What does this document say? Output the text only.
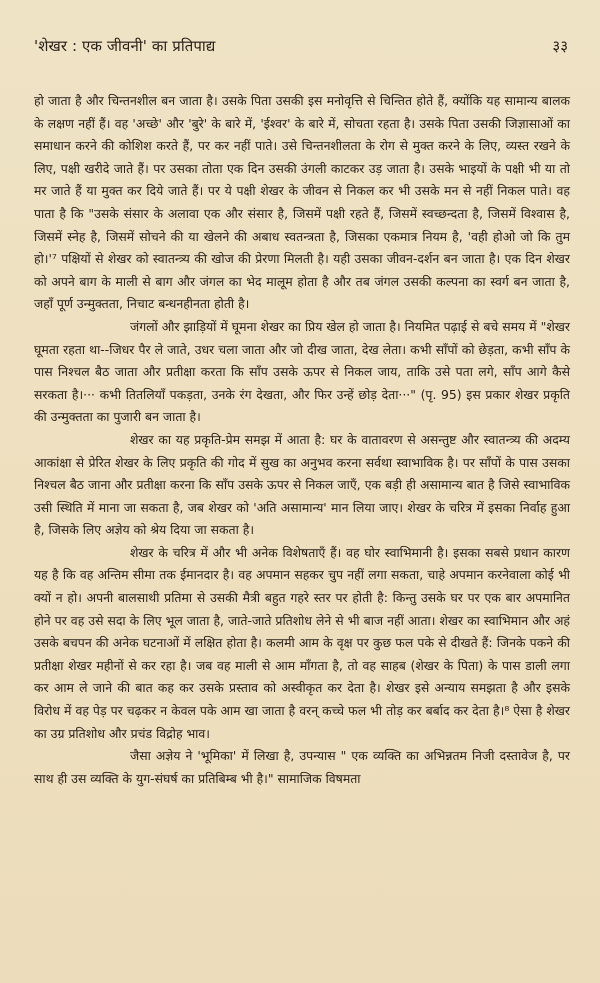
'शेखर : एक जीवनी' का प्रतिपाद्य	३३

हो जाता है और चिन्तनशील बन जाता है। उसके पिता उसकी इस मनोवृत्ति से चिन्तित होते हैं, क्योंकि यह सामान्य बालक के लक्षण नहीं हैं। वह 'अच्छे' और 'बुरे' के बारे में, 'ईश्वर' के बारे में, सोचता रहता है। उसके पिता उसकी जिज्ञासाओं का समाधान करने की कोशिश करते हैं, पर कर नहीं पाते। उसे चिन्तनशीलता के रोग से मुक्त करने के लिए, व्यस्त रखने के लिए, पक्षी खरीदे जाते हैं। पर उसका तोता एक दिन उसकी उंगली काटकर उड़ जाता है। उसके भाइयों के पक्षी भी या तो मर जाते हैं या मुक्त कर दिये जाते हैं। पर ये पक्षी शेखर के जीवन से निकल कर भी उसके मन से नहीं निकल पाते। वह पाता है कि "उसके संसार के अलावा एक और संसार है, जिसमें पक्षी रहते हैं, जिसमें स्वच्छन्दता है, जिसमें विश्वास है, जिसमें स्नेह है, जिसमें सोचने की या खेलने की अबाध स्वतन्त्रता है, जिसका एकमात्र नियम है, 'वही होओ जो कि तुम हो।'⁷ पक्षियों से शेखर को स्वातन्त्र्य की खोज की प्रेरणा मिलती है। यही उसका जीवन-दर्शन बन जाता है। एक दिन शेखर को अपने बाग के माली से बाग और जंगल का भेद मालूम होता है और तब जंगल उसकी कल्पना का स्वर्ग बन जाता है, जहाँ पूर्ण उन्मुक्तता, निचाट बन्धनहीनता होती है।

जंगलों और झाड़ियों में घूमना शेखर का प्रिय खेल हो जाता है। नियमित पढ़ाई से बचे समय में "शेखर घूमता रहता था--जिधर पैर ले जाते, उधर चला जाता और जो दीख जाता, देख लेता। कभी साँपों को छेड़ता, कभी साँप के पास निश्चल बैठ जाता और प्रतीक्षा करता कि साँप उसके ऊपर से निकल जाय, ताकि उसे पता लगे, साँप आगे कैसे सरकता है।··· कभी तितलियाँ पकड़ता, उनके रंग देखता, और फिर उन्हें छोड़ देता···" (पृ. 95) इस प्रकार शेखर प्रकृति की उन्मुक्तता का पुजारी बन जाता है।

शेखर का यह प्रकृति-प्रेम समझ में आता है: घर के वातावरण से असन्तुष्ट और स्वातन्त्र्य की अदम्य आकांक्षा से प्रेरित शेखर के लिए प्रकृति की गोद में सुख का अनुभव करना सर्वथा स्वाभाविक है। पर साँपों के पास उसका निश्चल बैठ जाना और प्रतीक्षा करना कि साँप उसके ऊपर से निकल जाएँ, एक बड़ी ही असामान्य बात है जिसे स्वाभाविक उसी स्थिति में माना जा सकता है, जब शेखर को 'अति असामान्य' मान लिया जाए। शेखर के चरित्र में इसका निर्वाह हुआ है, जिसके लिए अज्ञेय को श्रेय दिया जा सकता है।

शेखर के चरित्र में और भी अनेक विशेषताएँ हैं। वह घोर स्वाभिमानी है। इसका सबसे प्रधान कारण यह है कि वह अन्तिम सीमा तक ईमानदार है। वह अपमान सहकर चुप नहीं लगा सकता, चाहे अपमान करनेवाला कोई भी क्यों न हो। अपनी बालसाथी प्रतिमा से उसकी मैत्री बहुत गहरे स्तर पर होती है: किन्तु उसके घर पर एक बार अपमानित होने पर वह उसे सदा के लिए भूल जाता है, जाते-जाते प्रतिशोध लेने से भी बाज नहीं आता। शेखर का स्वाभिमान और अहं उसके बचपन की अनेक घटनाओं में लक्षित होता है। कलमी आम के वृक्ष पर कुछ फल पके से दीखते हैं: जिनके पकने की प्रतीक्षा शेखर महीनों से कर रहा है। जब वह माली से आम माँगता है, तो वह साहब (शेखर के पिता) के पास डाली लगा कर आम ले जाने की बात कह कर उसके प्रस्ताव को अस्वीकृत कर देता है। शेखर इसे अन्याय समझता है और इसके विरोध में वह पेड़ पर चढ़कर न केवल पके आम खा जाता है वरन् कच्चे फल भी तोड़ कर बर्बाद कर देता है।⁸ ऐसा है शेखर का उग्र प्रतिशोध और प्रचंड विद्रोह भाव।

जैसा अज्ञेय ने 'भूमिका' में लिखा है, उपन्यास " एक व्यक्ति का अभिन्नतम निजी दस्तावेज है, पर साथ ही उस व्यक्ति के युग-संघर्ष का प्रतिबिम्ब भी है।" सामाजिक विषमता
